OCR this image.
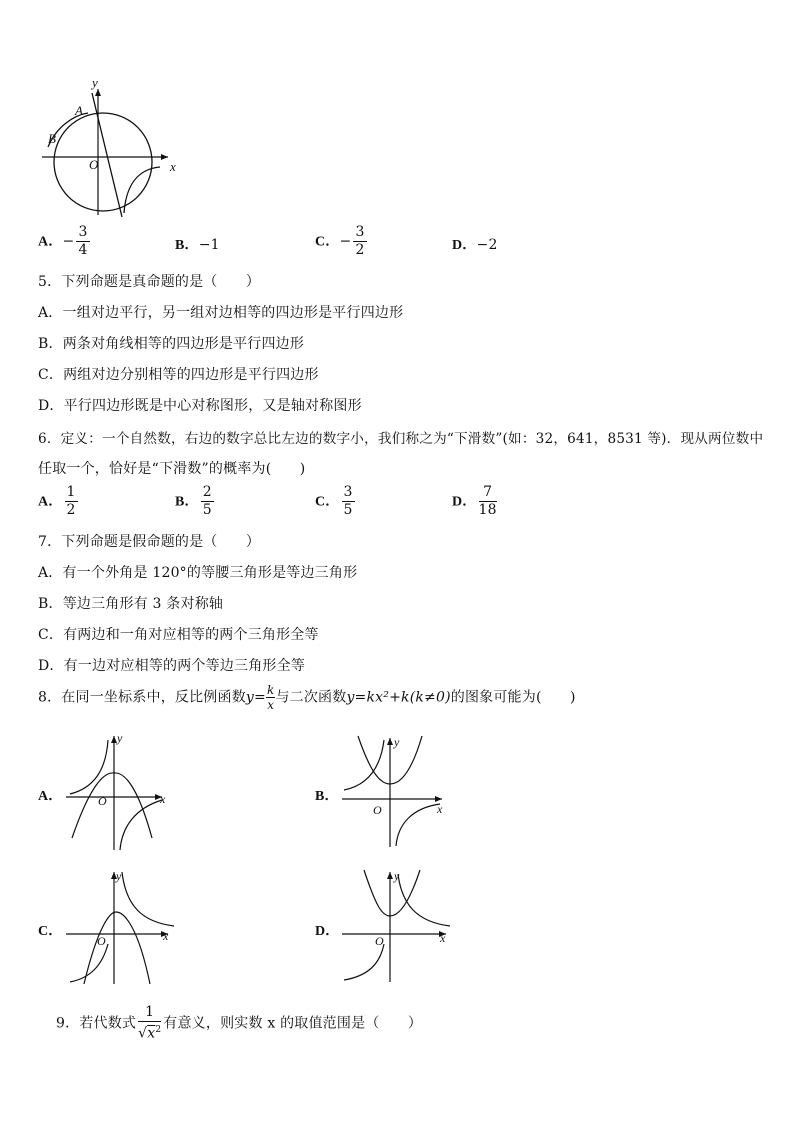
y
x
O
A
B
A．− $\frac{3}{4}$	B．−1	C．− $\frac{3}{2}$	D．−2
5．下列命题是真命题的是（　　）
A．一组对边平行，另一组对边相等的四边形是平行四边形
B．两条对角线相等的四边形是平行四边形
C．两组对边分别相等的四边形是平行四边形
D．平行四边形既是中心对称图形，又是轴对称图形
6．定义：一个自然数，右边的数字总比左边的数字小，我们称之为“下滑数”(如：32，641，8531 等)．现从两位数中
任取一个，恰好是“下滑数”的概率为(　　)
A． $\frac{1}{2}$	B． $\frac{2}{5}$	C． $\frac{3}{5}$	D． $\frac{7}{18}$
7．下列命题是假命题的是（　　）
A．有一个外角是 120°的等腰三角形是等边三角形
B．等边三角形有 3 条对称轴
C．有两边和一角对应相等的两个三角形全等
D．有一边对应相等的两个等边三角形全等
8．在同一坐标系中，反比例函数$y= \frac{k}{x}$ 与二次函数y=kx²+k(k≠0)的图象可能为(　　)
A．	B．
C．	D．
y
x
O
y
x
O
y
x
O
y
x
O
9．若代数式 $\frac{1}{√x^2}$ 有意义，则实数 x 的取值范围是（　　）
